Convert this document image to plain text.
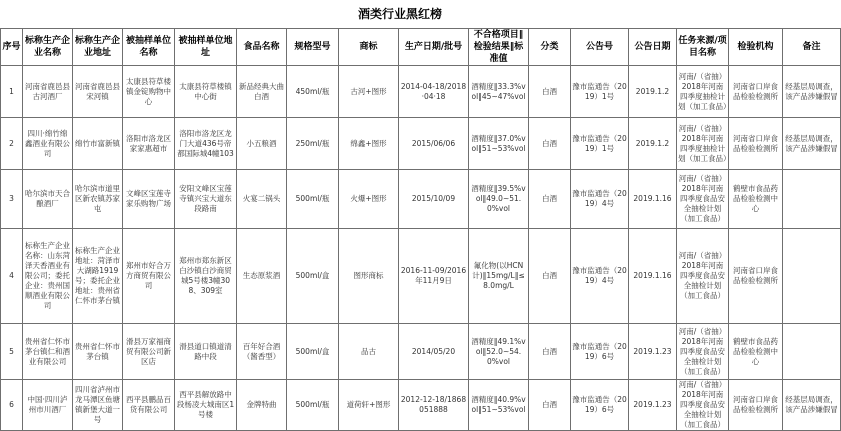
酒类行业黑红榜
序号	标称生产企业名称	标称生产企业地址	被抽样单位名称	被抽样单位地址	食品名称	规格型号	商标	生产日期/批号	不合格项目‖检验结果‖标准值	分类	公告号	公告日期	任务来源/项目名称	检验机构	备注
1	河南省鹿邑县古河酒厂	河南省鹿邑县宋河镇	太康县符草楼镇金锭购物中心	太康县符草楼镇中心街	新品经典大曲白酒	450ml/瓶	古河+图形	2014-04-18/2018·04·18	酒精度‖33.3%vol‖45~47%vol	白酒	豫市监通告（2019）1号	2019.1.2	河南/（省抽）2018年河南四季度抽检计划（加工食品）	河南省口岸食品检验检测所	经基层局调查，该产品涉嫌假冒
2	四川·绵竹绵鑫酒业有限公司	绵竹市富新镇	洛阳市洛龙区家家惠超市	洛阳市洛龙区龙门大道436号帝都国际城4幢103	小五粮酒	250ml/瓶	绵鑫+图形	2015/06/06	酒精度‖37.0%vol‖51~53%vol	白酒	豫市监通告（2019）1号	2019.1.2	河南/（省抽）2018年河南四季度抽检计划（加工食品）	河南省口岸食品检验检测所	经基层局调查，该产品涉嫌假冒
3	哈尔滨市天合酿酒厂	哈尔滨市道里区新农镇苏家屯	文峰区宝莲寺家乐购物广场	安阳文峰区宝莲寺镇兴宝大道东段路南	火宴二锅头	500ml/瓶	火爆+图形	2015/10/09	酒精度‖39.5%vol‖49.0~51.0%vol	白酒	豫市监通告（2019）4号	2019.1.16	河南/（省抽）2018年河南四季度食品安全抽检计划（加工食品）	鹤壁市食品药品检验检测中心	
4	标称生产企业名称：山东菏泽天香酒业有限公司；委托企业：贵州国顺酒业有限公司	标称生产企业地址：菏泽市大湖路1919号；委托企业地址：贵州省仁怀市茅台镇	郑州市好合万方商贸有限公司	郑州市郑东新区白沙镇白沙商贸城5号楼3幢308、309室	生态原浆酒	500ml/盒	图形商标	2016-11-09/2016年11月9日	氟化物(以HCN 计)‖15mg/L‖≤8.0mg/L	白酒	豫市监通告（2019）4号	2019.1.16	河南/（省抽）2018年河南四季度食品安全抽检计划（加工食品）	河南省口岸食品检验检测所	
5	贵州省仁怀市茅台镇仁和酒业有限公司	贵州省仁怀市茅台镇	滑县万家福商贸有限公司新区店	滑县道口镇道清路中段	百年好合酒（酱香型）	500ml/盒	品古	2014/05/20	酒精度‖49.1%vol‖52.0~54.0%vol	白酒	豫市监通告（2019）6号	2019.1.23	河南/（省抽）2018年河南四季度食品安全抽检计划（加工食品）	鹤壁市食品药品检验检测中心	
6	中国·四川泸州市川酒厂	四川省泸州市龙马潭区鱼塘镇新堡大道一号	西平县鹏品百货有限公司	西平县解放路中段杨凌大城南区1号楼	金牌特曲	500ml/瓶	道荷轩+图形	2012-12-18/1868051888	酒精度‖40.9%vol‖51~53%vol	白酒	豫市监通告（2019）6号	2019.1.23	河南/（省抽）2018年河南四季度食品安全抽检计划（加工食品）	河南省口岸食品检验检测所	经基层局调查，该产品涉嫌假冒
